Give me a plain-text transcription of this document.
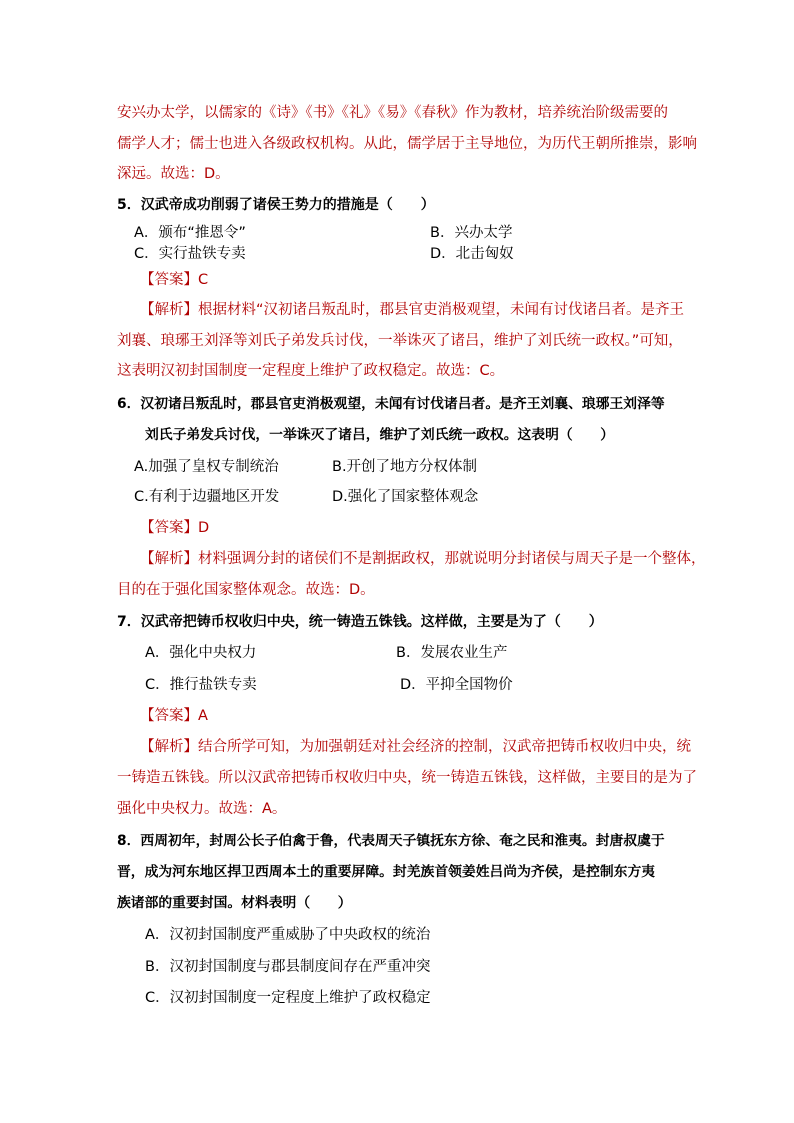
安兴办太学，以儒家的《诗》《书》《礼》《易》《春秋》作为教材，培养统治阶级需要的
儒学人才；儒士也进入各级政权机构。从此，儒学居于主导地位，为历代王朝所推崇，影响
深远。故选：D。
5．汉武帝成功削弱了诸侯王势力的措施是（　　）
A．颁布“推恩令”	B．兴办太学
C．实行盐铁专卖	D．北击匈奴
【答案】C
【解析】根据材料“汉初诸吕叛乱时，郡县官吏消极观望，未闻有讨伐诸吕者。是齐王
刘襄、琅琊王刘泽等刘氏子弟发兵讨伐，一举诛灭了诸吕，维护了刘氏统一政权。”可知，
这表明汉初封国制度一定程度上维护了政权稳定。故选：C。
6．汉初诸吕叛乱时，郡县官吏消极观望，未闻有讨伐诸吕者。是齐王刘襄、琅琊王刘泽等
刘氏子弟发兵讨伐，一举诛灭了诸吕，维护了刘氏统一政权。这表明（　　）
A.加强了皇权专制统治	B.开创了地方分权体制
C.有利于边疆地区开发	D.强化了国家整体观念
【答案】D
【解析】材料强调分封的诸侯们不是割据政权，那就说明分封诸侯与周天子是一个整体，
目的在于强化国家整体观念。故选：D。
7．汉武帝把铸币权收归中央，统一铸造五铢钱。这样做，主要是为了（　　）
A．强化中央权力	B．发展农业生产
C．推行盐铁专卖	D．平抑全国物价
【答案】A
【解析】结合所学可知，为加强朝廷对社会经济的控制，汉武帝把铸币权收归中央，统
一铸造五铢钱。所以汉武帝把铸币权收归中央，统一铸造五铢钱，这样做，主要目的是为了
强化中央权力。故选：A。
8．西周初年，封周公长子伯禽于鲁，代表周天子镇抚东方徐、奄之民和淮夷。封唐叔虞于
晋，成为河东地区捍卫西周本土的重要屏障。封羌族首领姜姓吕尚为齐侯，是控制东方夷
族诸部的重要封国。材料表明（　　）
A．汉初封国制度严重威胁了中央政权的统治
B．汉初封国制度与郡县制度间存在严重冲突
C．汉初封国制度一定程度上维护了政权稳定
